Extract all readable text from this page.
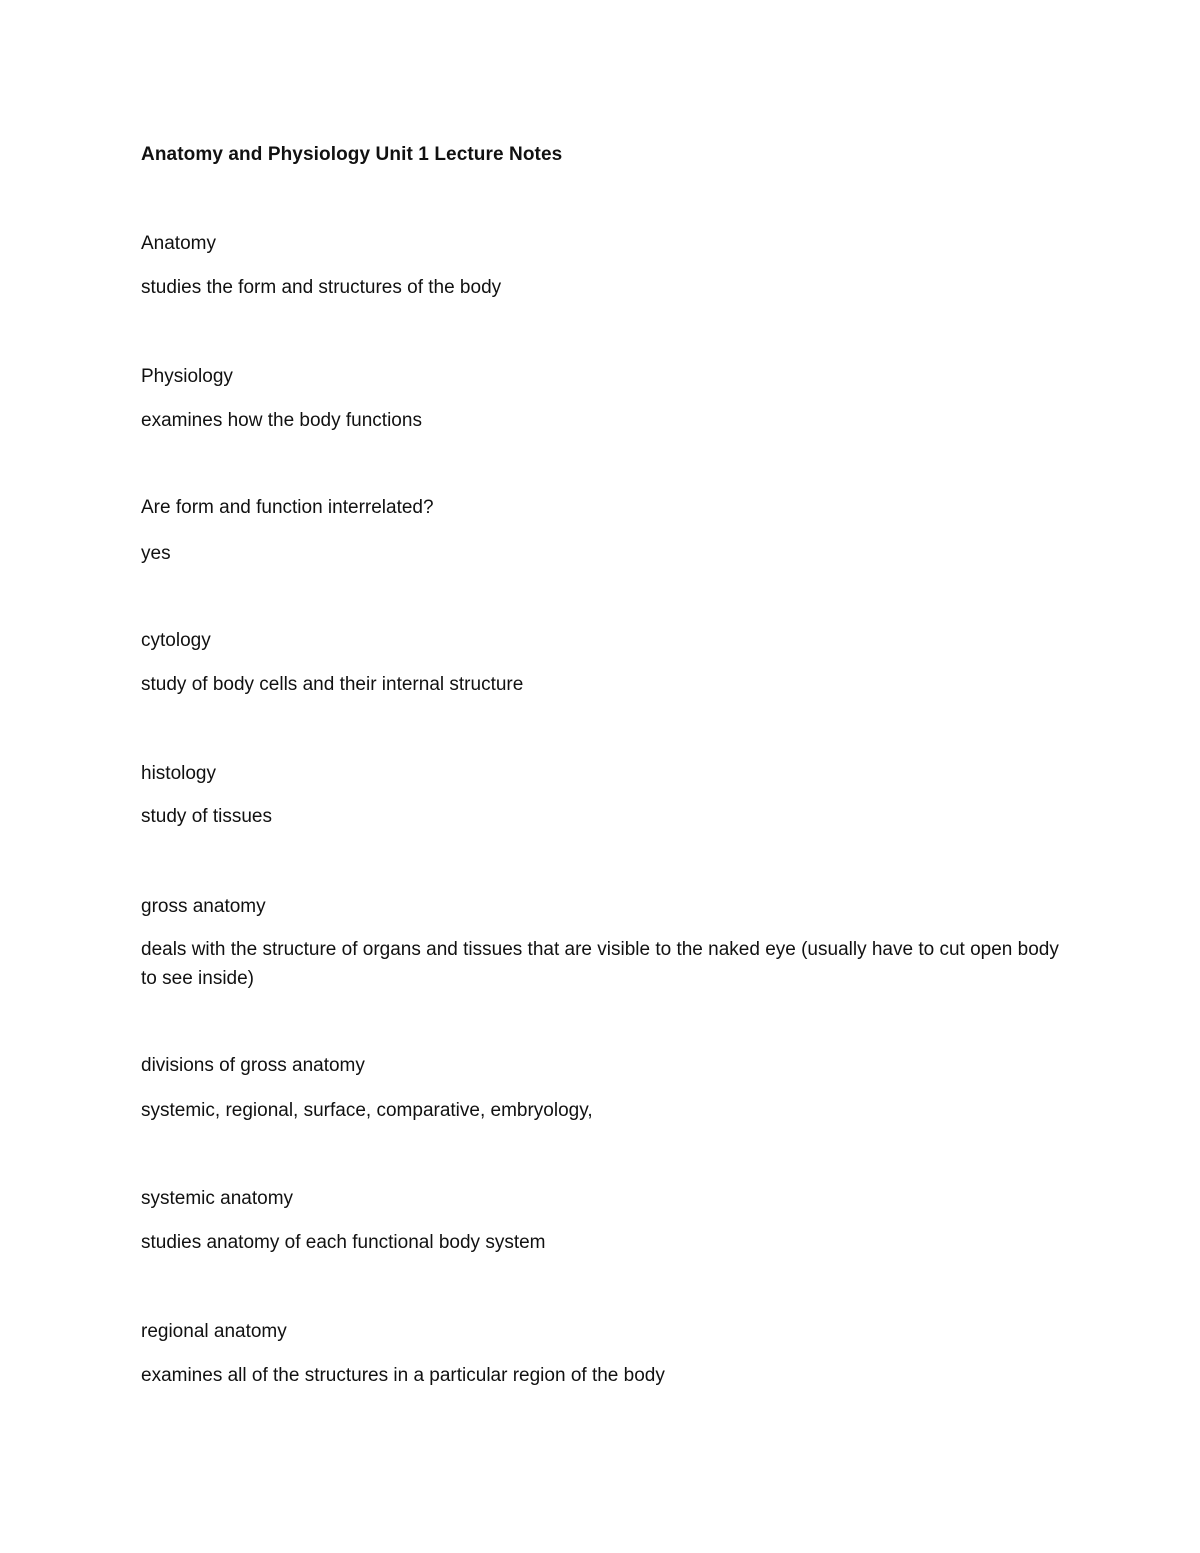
Anatomy and Physiology Unit 1 Lecture Notes
Anatomy
studies the form and structures of the body
Physiology
examines how the body functions
Are form and function interrelated?
yes
cytology
study of body cells and their internal structure
histology
study of tissues
gross anatomy
deals with the structure of organs and tissues that are visible to the naked eye (usually have to cut open body to see inside)
divisions of gross anatomy
systemic, regional, surface, comparative, embryology,
systemic anatomy
studies anatomy of each functional body system
regional anatomy
examines all of the structures in a particular region of the body
